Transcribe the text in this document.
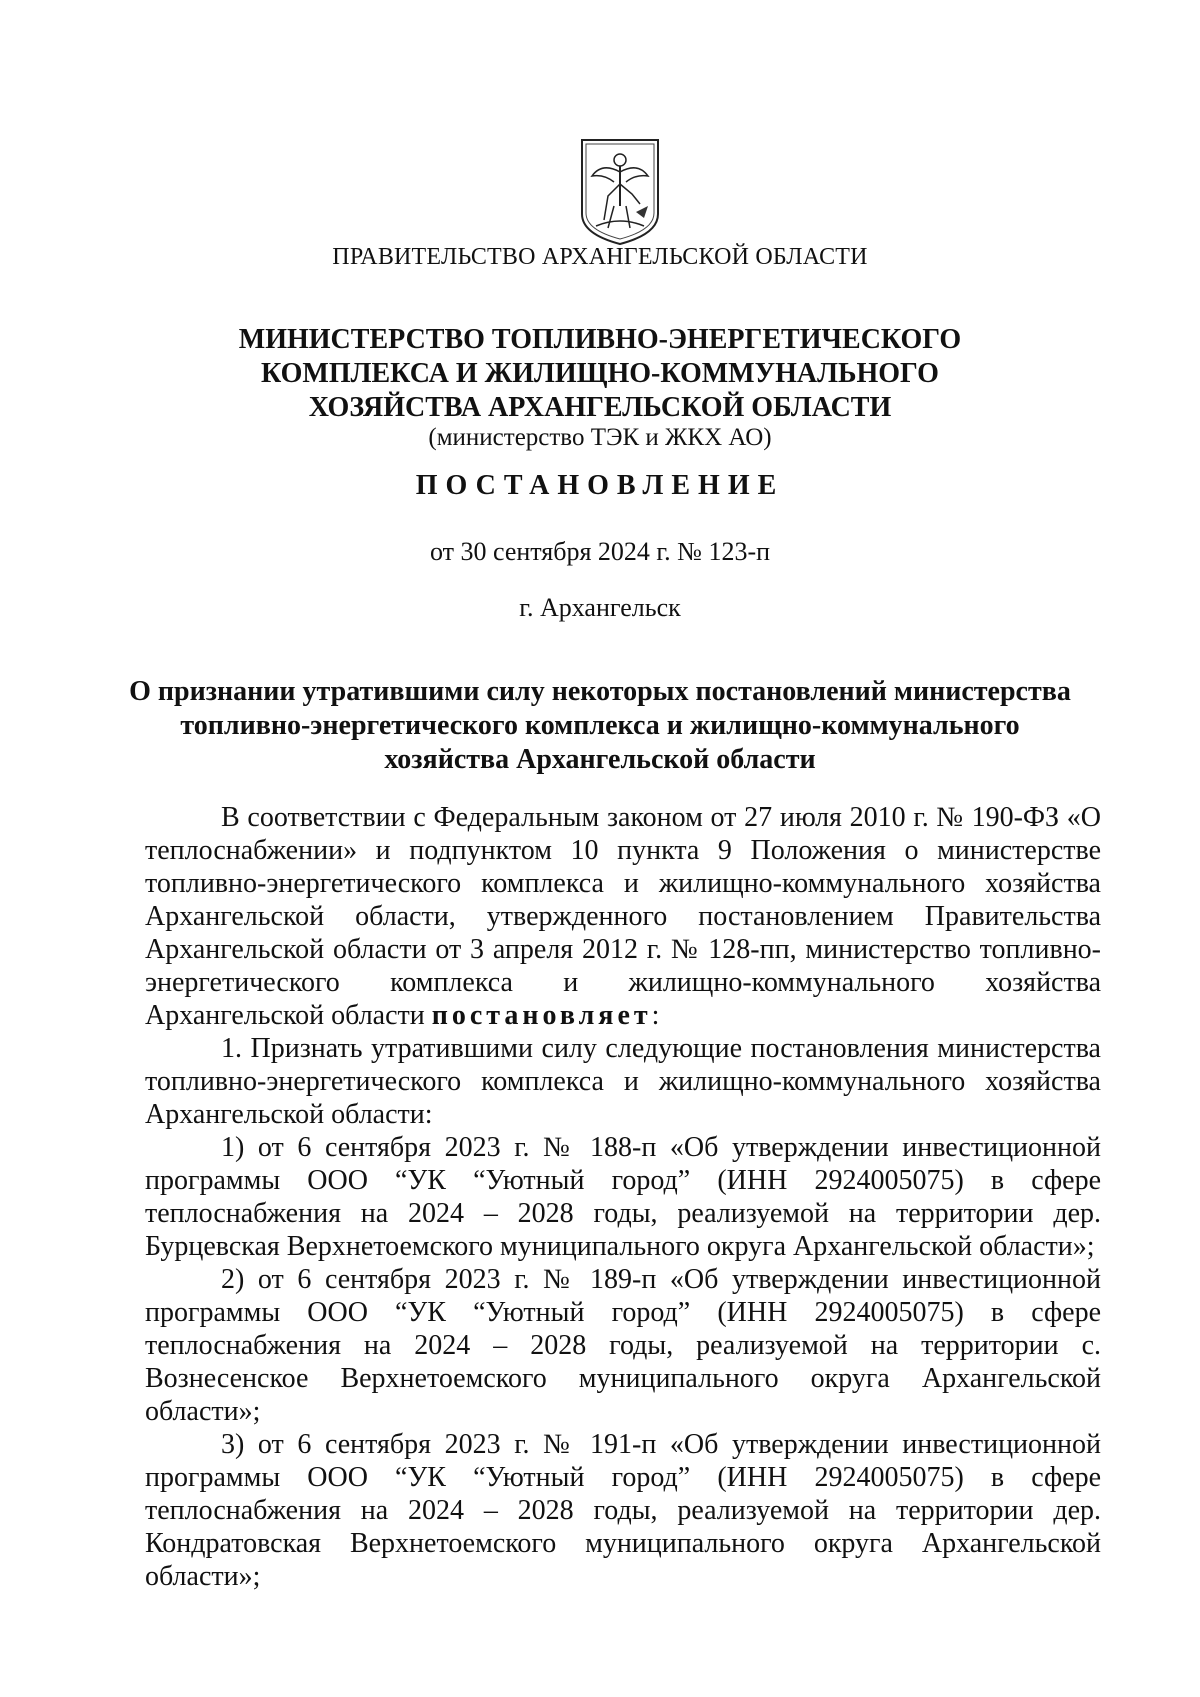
ПРАВИТЕЛЬСТВО АРХАНГЕЛЬСКОЙ ОБЛАСТИ
МИНИСТЕРСТВО ТОПЛИВНО-ЭНЕРГЕТИЧЕСКОГО
КОМПЛЕКСА И ЖИЛИЩНО-КОММУНАЛЬНОГО
ХОЗЯЙСТВА АРХАНГЕЛЬСКОЙ ОБЛАСТИ
(министерство ТЭК и ЖКХ АО)
ПОСТАНОВЛЕНИЕ
от 30 сентября 2024 г. № 123-п
г. Архангельск
О признании утратившими силу некоторых постановлений министерства
топливно-энергетического комплекса и жилищно-коммунального
хозяйства Архангельской области

В соответствии с Федеральным законом от 27 июля 2010 г. № 190-ФЗ «О теплоснабжении» и подпунктом 10 пункта 9 Положения о министерстве топливно-энергетического комплекса и жилищно-коммунального хозяйства Архангельской области, утвержденного постановлением Правительства Архангельской области от 3 апреля 2012 г. № 128-пп, министерство топливно-энергетического комплекса и жилищно-коммунального хозяйства Архангельской области постановляет:

1. Признать утратившими силу следующие постановления министерства топливно-энергетического комплекса и жилищно-коммунального хозяйства Архангельской области:

1) от 6 сентября 2023 г. № 188-п «Об утверждении инвестиционной программы ООО “УК “Уютный город” (ИНН 2924005075) в сфере теплоснабжения на 2024 – 2028 годы, реализуемой на территории дер. Бурцевская Верхнетоемского муниципального округа Архангельской области»;

2) от 6 сентября 2023 г. № 189-п «Об утверждении инвестиционной программы ООО “УК “Уютный город” (ИНН 2924005075) в сфере теплоснабжения на 2024 – 2028 годы, реализуемой на территории с. Вознесенское Верхнетоемского муниципального округа Архангельской области»;

3) от 6 сентября 2023 г. № 191-п «Об утверждении инвестиционной программы ООО “УК “Уютный город” (ИНН 2924005075) в сфере теплоснабжения на 2024 – 2028 годы, реализуемой на территории дер. Кондратовская Верхнетоемского муниципального округа Архангельской области»;
